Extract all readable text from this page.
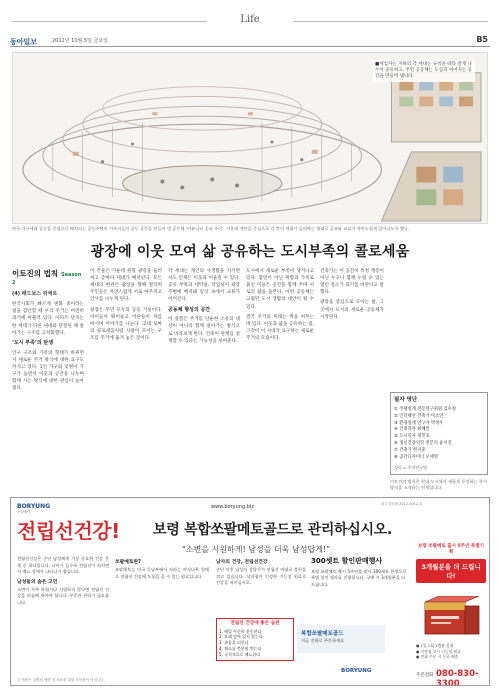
Life
동아일보	2012년 10월 5일 금요일	B5
■세입자는 지하의 각 세대는 규칙을 따라 잘게 나누어 공유하고, 주민 공동체는 도심과 이어지는 공간을 만들어 냅니다.
단국 가구세대 공동을 중심으로 배치되는 공동주택의 거주자들의 공동 공간을 만들어 낸 공동체 ‘커뮤니티 공유 주거’. 가운데 계단을 중심으로 각 층의 세대가 둘러싸는 형태로 공유와 교류가 자연스럽게 일어나도록 했다.
광장에 이웃 모여 삶 공유하는 도시부족의 콜로세움
이토진의 법칙 Season 2
(4) 배드보스 뒤에트

한국사회가 빠르게 변화 중이라는 점을 감안할 때 우리 주거는 여전히 과거에 머물러 있다. 아파트 단지는 한 세대가 다른 세대와 단절된 채 살아가는 구조를 고착화했다.

‘도시 부족’의 탄생

인구 구조와 가족의 형태가 바뀌면서 새로운 주거 방식에 대한 요구도 커지고 있다. 1인 가구와 맞벌이 가구가 늘면서 이웃과 공간을 나누며 함께 사는 방식에 대한 관심이 높아졌다.

이 건물은 가운데 원형 광장을 둘러싸고 층마다 세대가 배치된다. 모든 세대의 현관은 광장을 향해 열리며 주민들은 자연스럽게 서로 마주치고 인사를 나누게 된다.

광장은 주민 모두의 공동 거실이다. 아이들이 뛰어놀고 어른들이 차를 마시며 이야기를 나눈다. 고대 로마의 콜로세움처럼 사람이 모이는 구조를 주거에 옮겨 놓은 것이다.

각 세대는 개인의 사생활을 지키면서도 언제든 이웃과 어울릴 수 있다. 공유 부엌과 세탁실, 작업실이 광장 주변에 배치돼 일상 속에서 교류가 이어진다.

공동체 형성의 공간

이 실험은 주거를 단순한 소유의 대상이 아니라 함께 살아가는 방식으로 바라보게 한다. 건축이 관계를 설계할 수 있다는 가능성을 보여준다.

도시에서 새로운 부족이 생겨나고 있다. 혈연이 아닌 취향과 가치로 묶인 이들은 공간을 함께 쓰며 서로의 삶을 돌본다. 이런 공동체는 고립된 도시 생활의 대안이 될 수 있다.

결국 주거의 미래는 벽을 허무는 데 있다. 이웃과 삶을 공유하는 집, 그것이 이 시대가 요구하는 새로운 주거의 모습이다.

건축가는 이 공간이 특정 계층이 아닌 누구나 함께 누릴 수 있는 열린 장소가 되기를 바란다고 말했다.

광장을 중심으로 모이는 삶, 그곳에서 도시의 새로운 공동체가 시작된다.

필자 명단
① 주택설계 전문연구위원 김수정
② 인터랙션 건축가 이소연
③ 환경설계 연구자 박정우
④ 건축학자 최혜린
⑤ 도시학자 정민호
⑥ 정신건강의학 전문의 윤서진
⑦ 건축가 한지훈
⑧ 공간디자이너 오세영
정리 = 주거연구팀
이토진의 법칙은 현대 도시에서 새롭게 등장하는 주거 방식을 소개하는 연재입니다.
BORYUNG
보령제약
www.boryung.biz	광고심의필 2012-0012-호
전립선건강! 보령 복합쏘팔메토골드로 관리하십시오.
“소변을 시원하게! 남성을 더욱 남성답게!”	보령 쏘팔메토 출시 5주년 특별기획
3개월분을 더 드립니다!

전립선건강은 중년 남성에게 가장 중요한 건강 문제 중 하나입니다. 나이가 들수록 전립선이 커지면서 배뇨 장애가 나타나기 쉽습니다.

남성들의 숨은 고민

소변이 자주 마렵거나 시원하지 않다면 전립선 건강을 의심해 보아야 합니다. 꾸준한 관리가 필요합니다.

쏘팔메토란?

쏘팔메토는 미국 동남부에서 자라는 야자나무 열매로 전립선 건강에 도움을 줄 수 있는 원료입니다.

남자의 건강, 전립선건강

중년 이후 남성의 상당수가 전립선 비대로 불편을 겪고 있습니다. 식약청이 인정한 기능성 원료로 건강을 지키십시오.

전립선 건강에 좋은 습관
1. 매일 꾸준히 운동한다
2. 오래 앉아 있지 않는다
3. 과음을 피한다
4. 채소를 충분히 먹는다
5. 규칙적으로 배뇨한다
복합쏘팔메토골드
지금 전화로 주문하세요
300셋트 할인판매행사

보령 쏘팔메토 출시 5주년을 맞아 300세트 한정으로 특별 할인 행사를 진행합니다. 구매 시 3개월분을 더 드립니다.

● 1일 1회 1캡슐 섭취
● 식약청 고시 기능성 원료
● 전화 주문 시 무료 배송
BORYUNG
주문전화 080-830-3300
본 제품은 질병의 예방 및 치료를 위한 의약품이 아닙니다.
